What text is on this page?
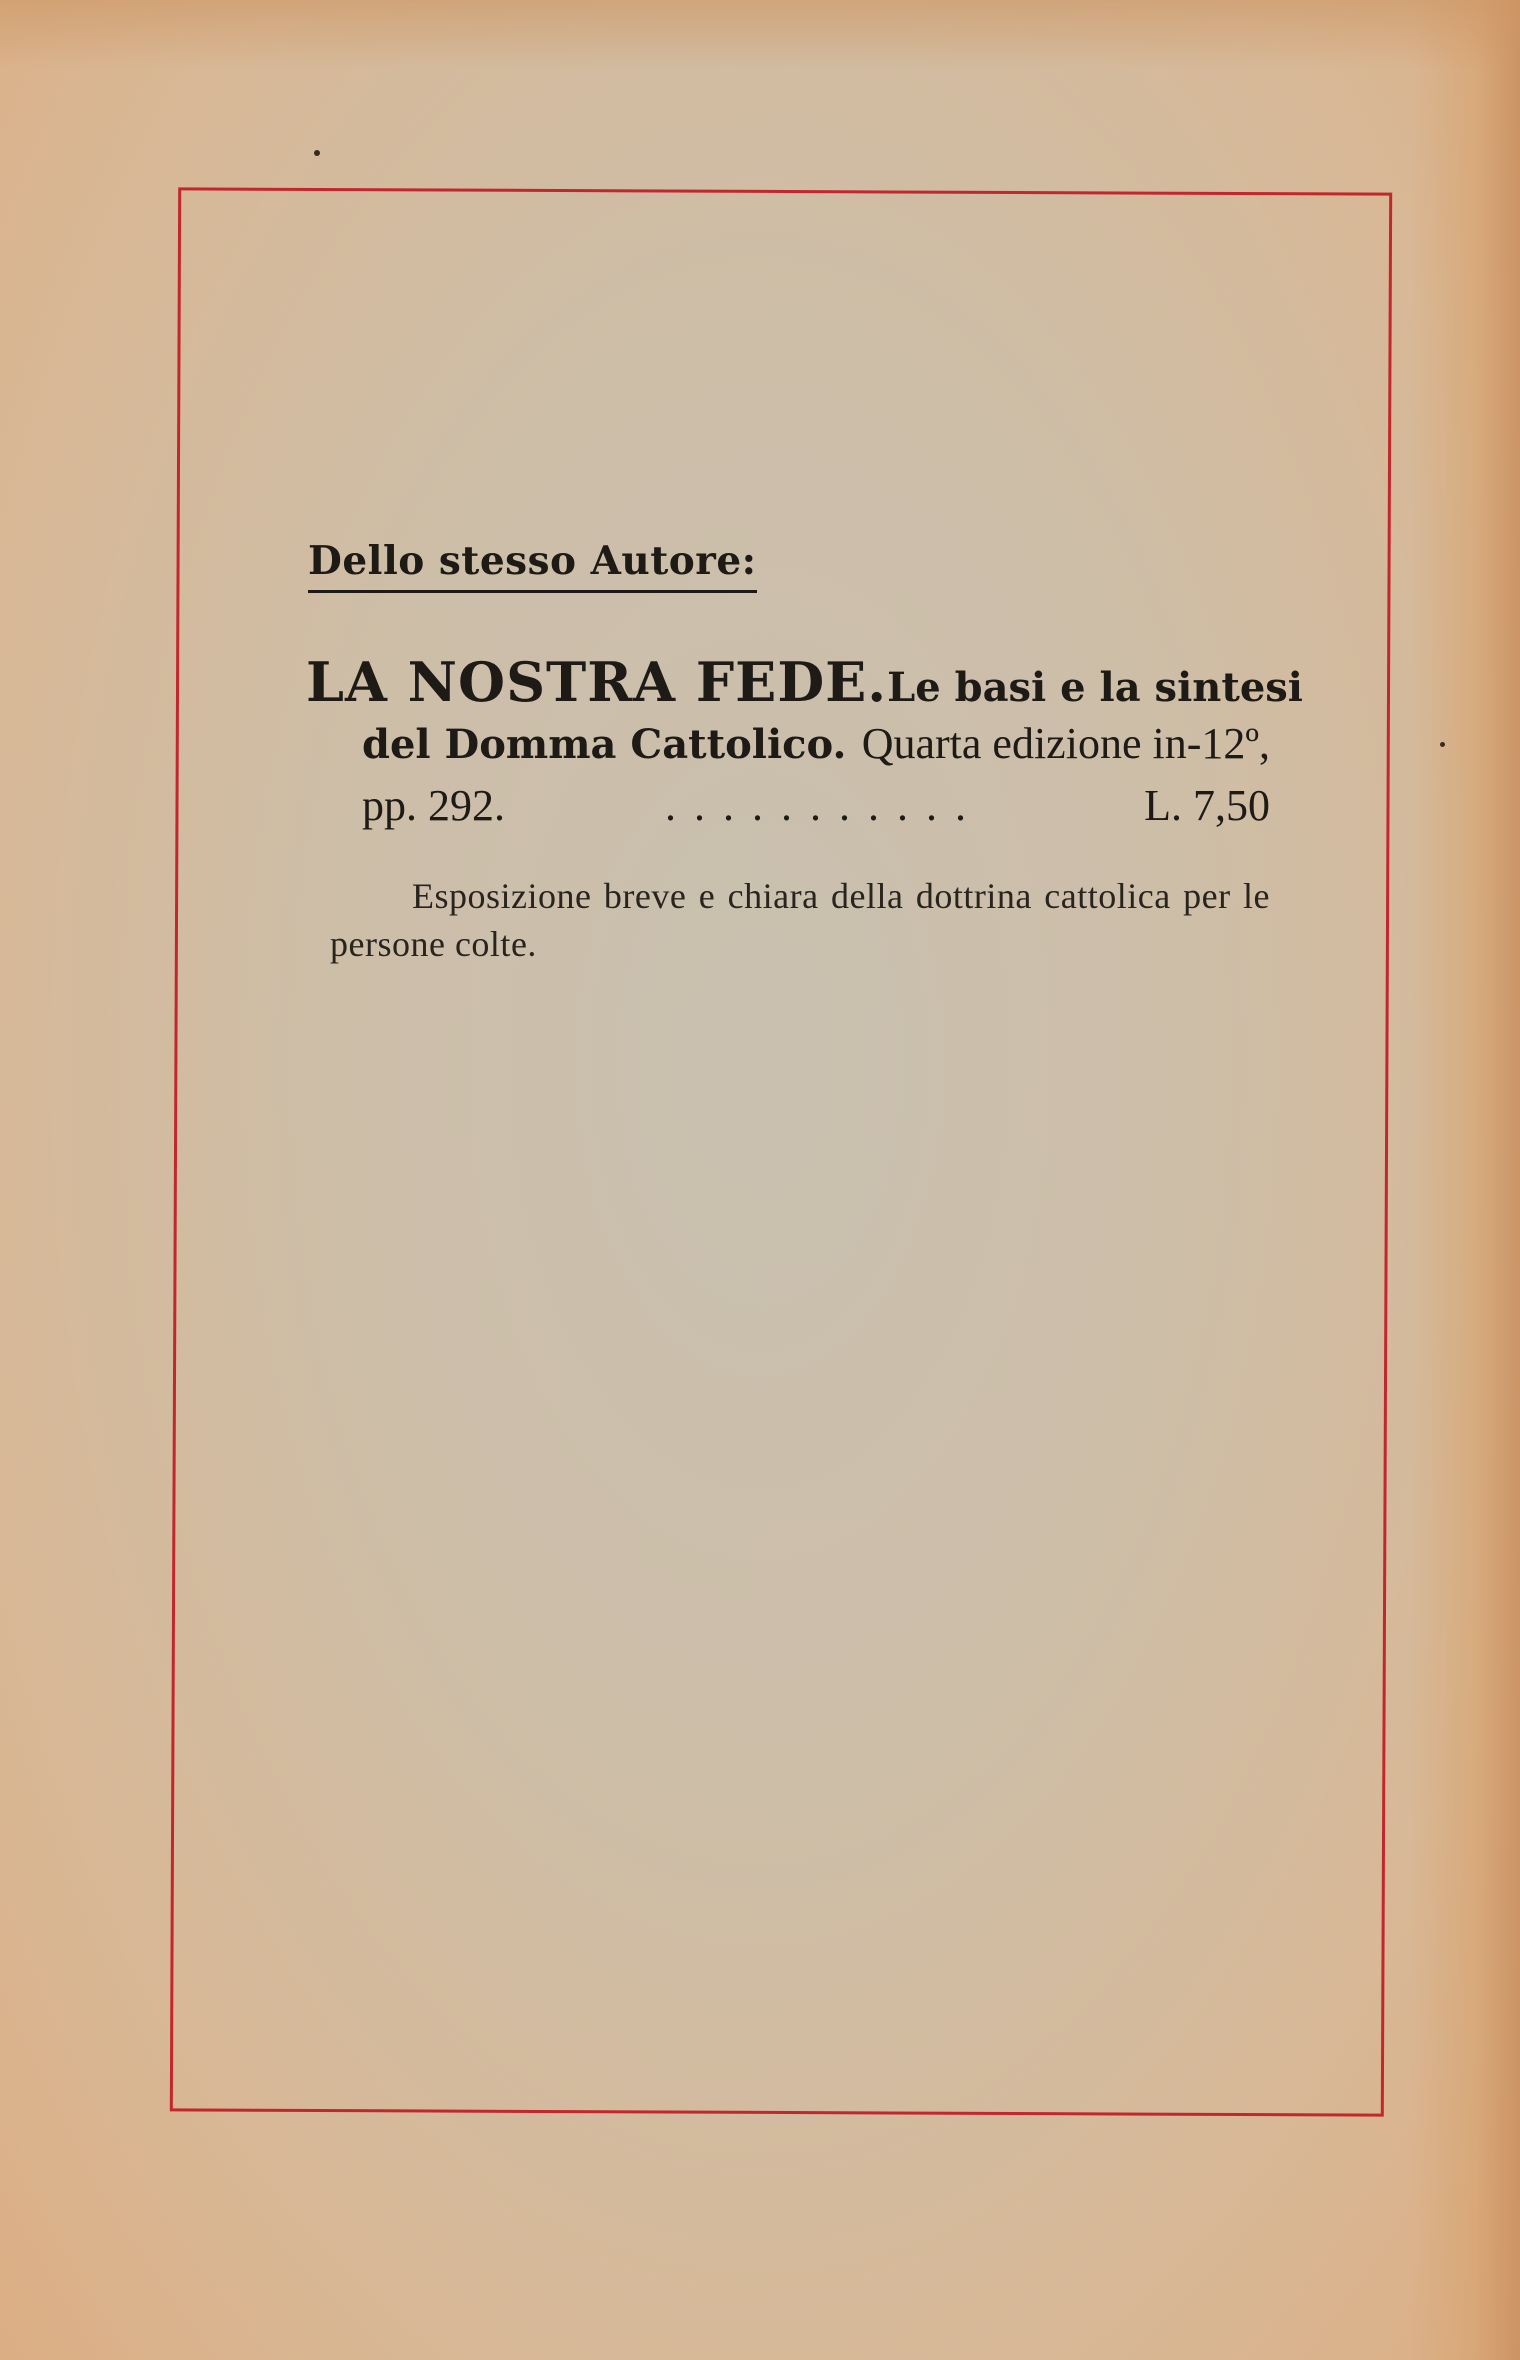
Dello stesso Autore:
LA NOSTRA FEDE. Le basi e la sintesi
del Domma Cattolico. Quarta edizione in-12º,
pp. 292.	...........	L. 7,50
Esposizione breve e chiara della dottrina cattolica per le persone colte.
